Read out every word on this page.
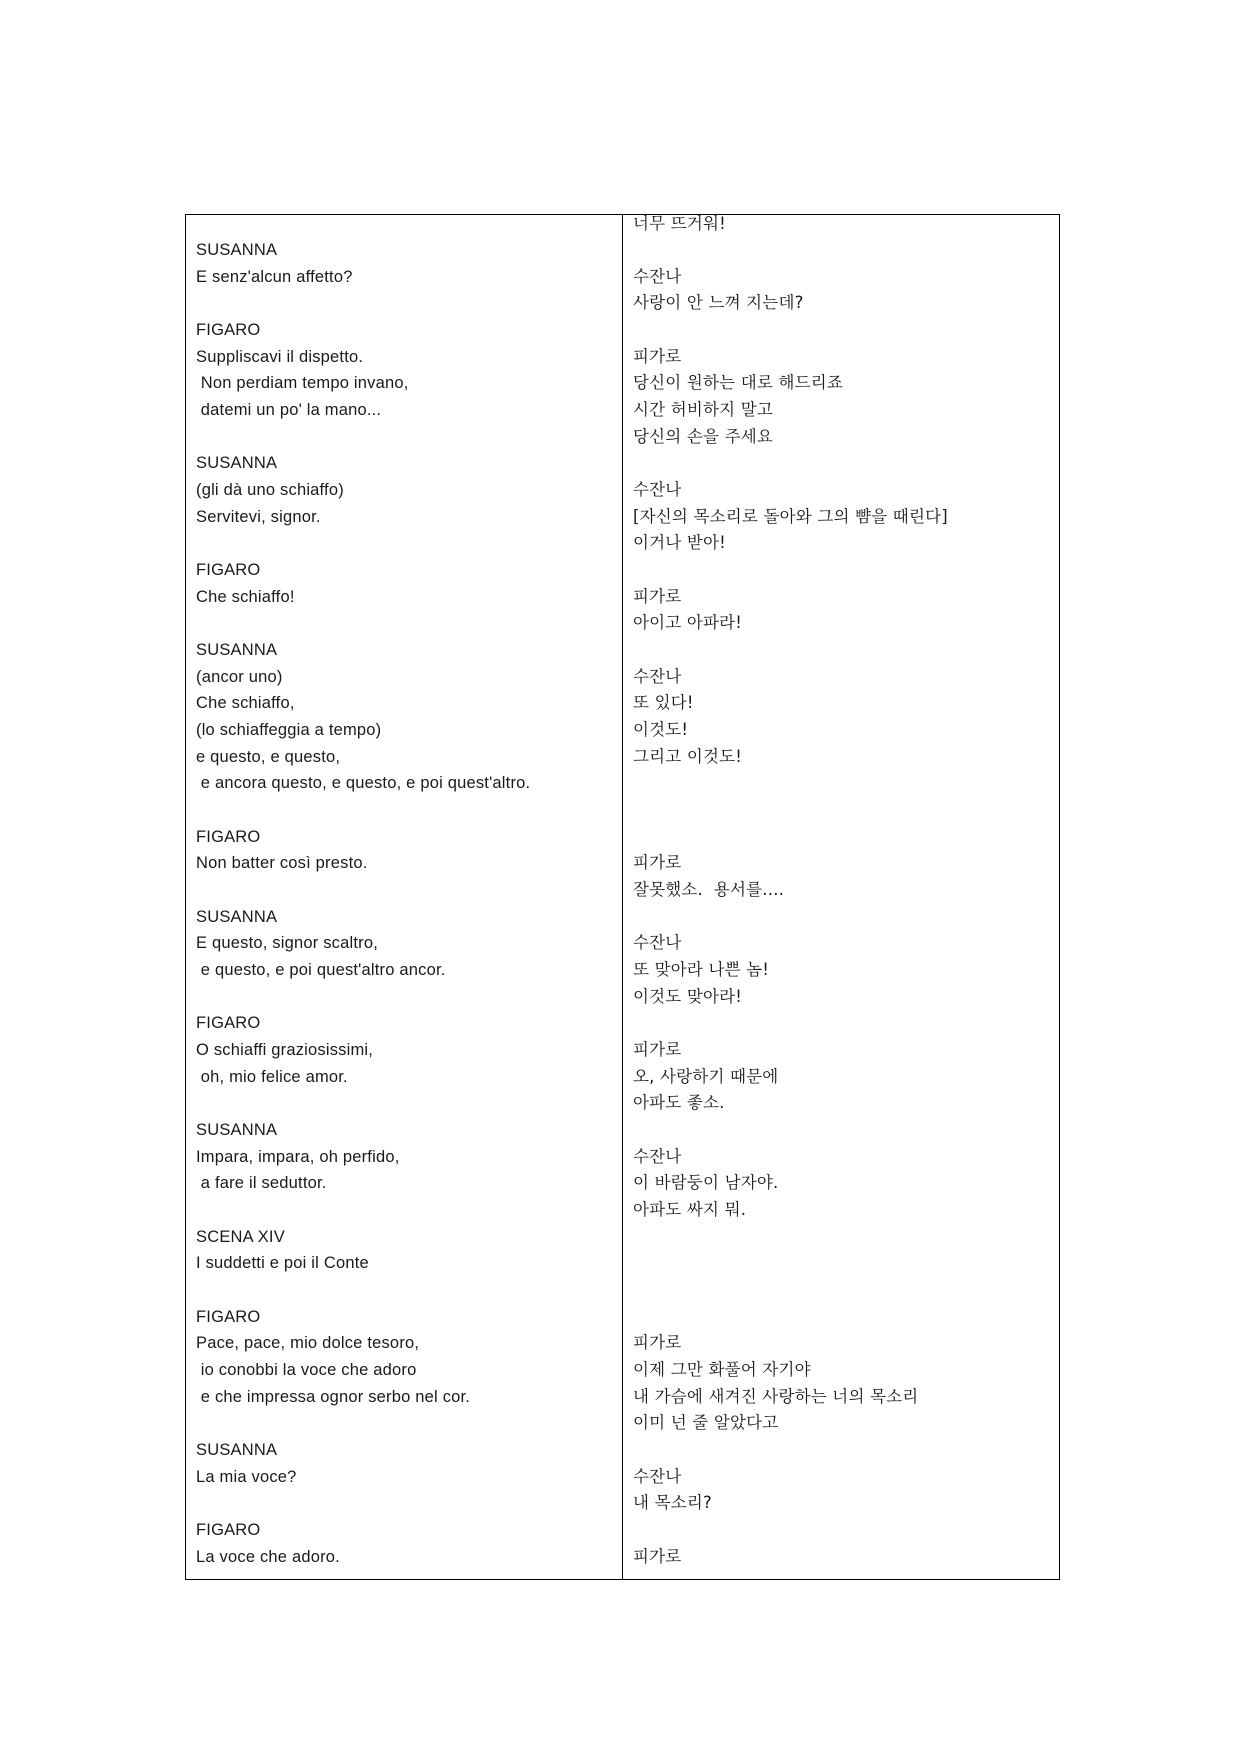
SUSANNA
E senz'alcun affetto?
FIGARO
Suppliscavi il dispetto.
Non perdiam tempo invano,
datemi un po' la mano...
SUSANNA
(gli dà uno schiaffo)
Servitevi, signor.
FIGARO
Che schiaffo!
SUSANNA
(ancor uno)
Che schiaffo,
(lo schiaffeggia a tempo)
e questo, e questo,
e ancora questo, e questo, e poi quest'altro.
FIGARO
Non batter così presto.
SUSANNA
E questo, signor scaltro,
e questo, e poi quest'altro ancor.
FIGARO
O schiaffi graziosissimi,
oh, mio felice amor.
SUSANNA
Impara, impara, oh perfido,
a fare il seduttor.
SCENA XIV
I suddetti e poi il Conte
FIGARO
Pace, pace, mio dolce tesoro,
io conobbi la voce che adoro
e che impressa ognor serbo nel cor.
SUSANNA
La mia voce?
FIGARO
La voce che adoro.
너무 뜨거워!
수잔나
사랑이 안 느껴 지는데?
피가로
당신이 원하는 대로 해드리죠
시간 허비하지 말고
당신의 손을 주세요
수잔나
[자신의 목소리로 돌아와 그의 뺨을 때린다]
이거나 받아!
피가로
아이고 아파라!
수잔나
또 있다!
이것도!
그리고 이것도!
피가로
잘못했소.  용서를....
수잔나
또 맞아라 나쁜 놈!
이것도 맞아라!
피가로
오, 사랑하기 때문에
아파도 좋소.
수잔나
이 바람둥이 남자야.
아파도 싸지 뭐.
피가로
이제 그만 화풀어 자기야
내 가슴에 새겨진 사랑하는 너의 목소리
이미 넌 줄 알았다고
수잔나
내 목소리?
피가로
